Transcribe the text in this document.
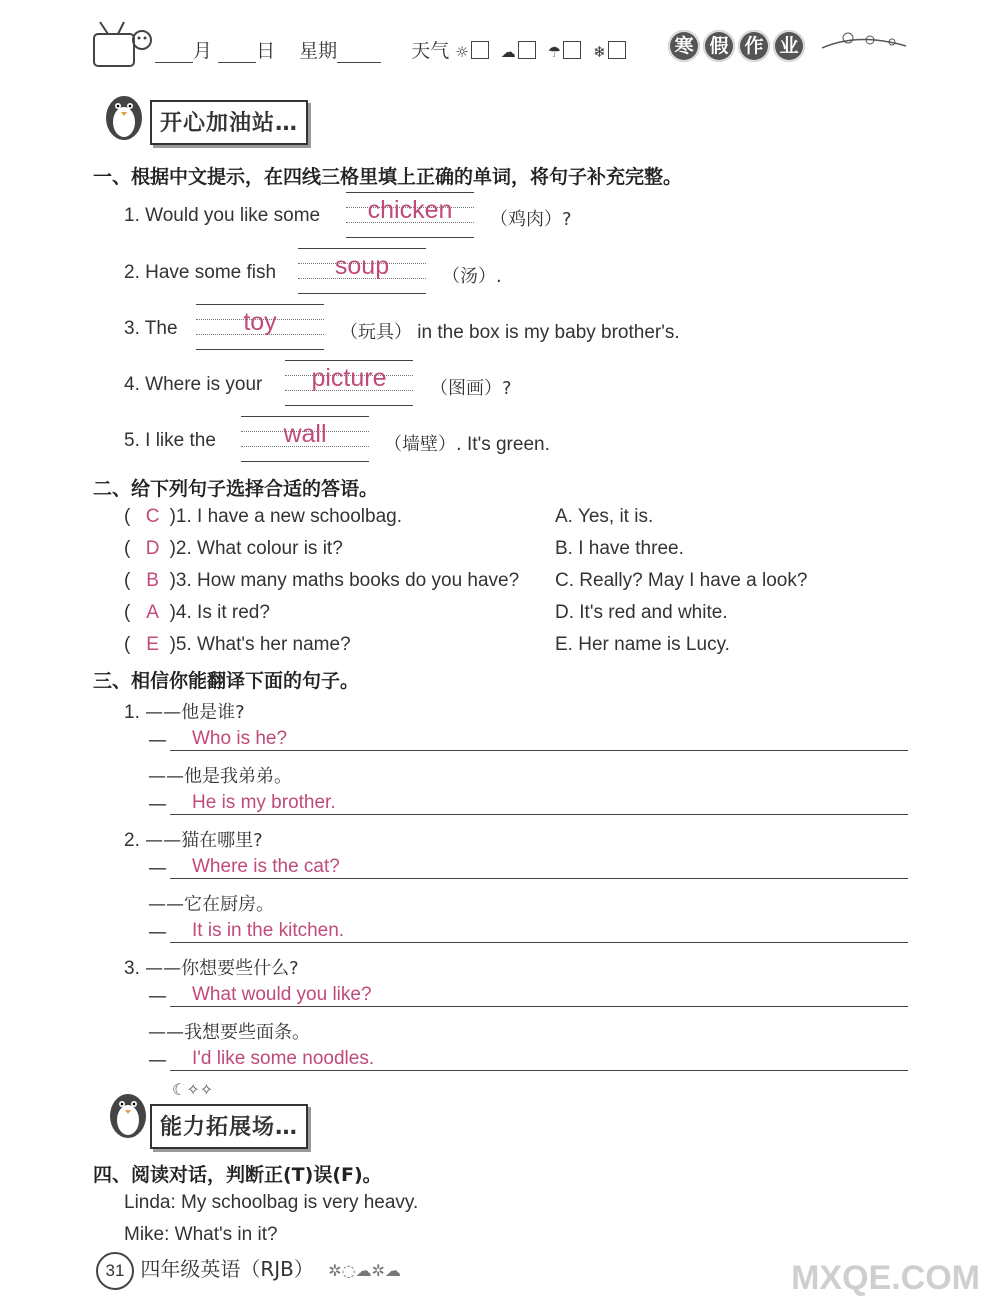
月 日 星期	天气 ☼ ☁ ☂ ❄	寒 假 作 业
开心加油站…
一、根据中文提示，在四线三格里填上正确的单词，将句子补充完整。
1. Would you like some	chicken	（鸡肉）?
2. Have some fish	soup	（汤）.
3. The	toy	（玩具） in the box is my baby brother's.
4. Where is your	picture	（图画）?
5. I like the	wall	（墙壁）. It's green.
二、给下列句子选择合适的答语。
( C )1. I have a new schoolbag.	A. Yes, it is.
( D )2. What colour is it?	B. I have three.
( B )3. How many maths books do you have? C. Really? May I have a look?
( A )4. Is it red?	D. It's red and white.
( E )5. What's her name?	E. Her name is Lucy.
三、相信你能翻译下面的句子。
1. ——他是谁?
— Who is he?
——他是我弟弟。
— He is my brother.
2. ——猫在哪里?
— Where is the cat?
——它在厨房。
— It is in the kitchen.
3. ——你想要些什么?
— What would you like?
——我想要些面条。
— I'd like some noodles.
☾✧✧
能力拓展场…
四、阅读对话，判断正(T)误(F)。
Linda: My schoolbag is very heavy.
Mike: What's in it?
31 四年级英语（RJB） ✲◌☁✲☁	MXQE.COM
